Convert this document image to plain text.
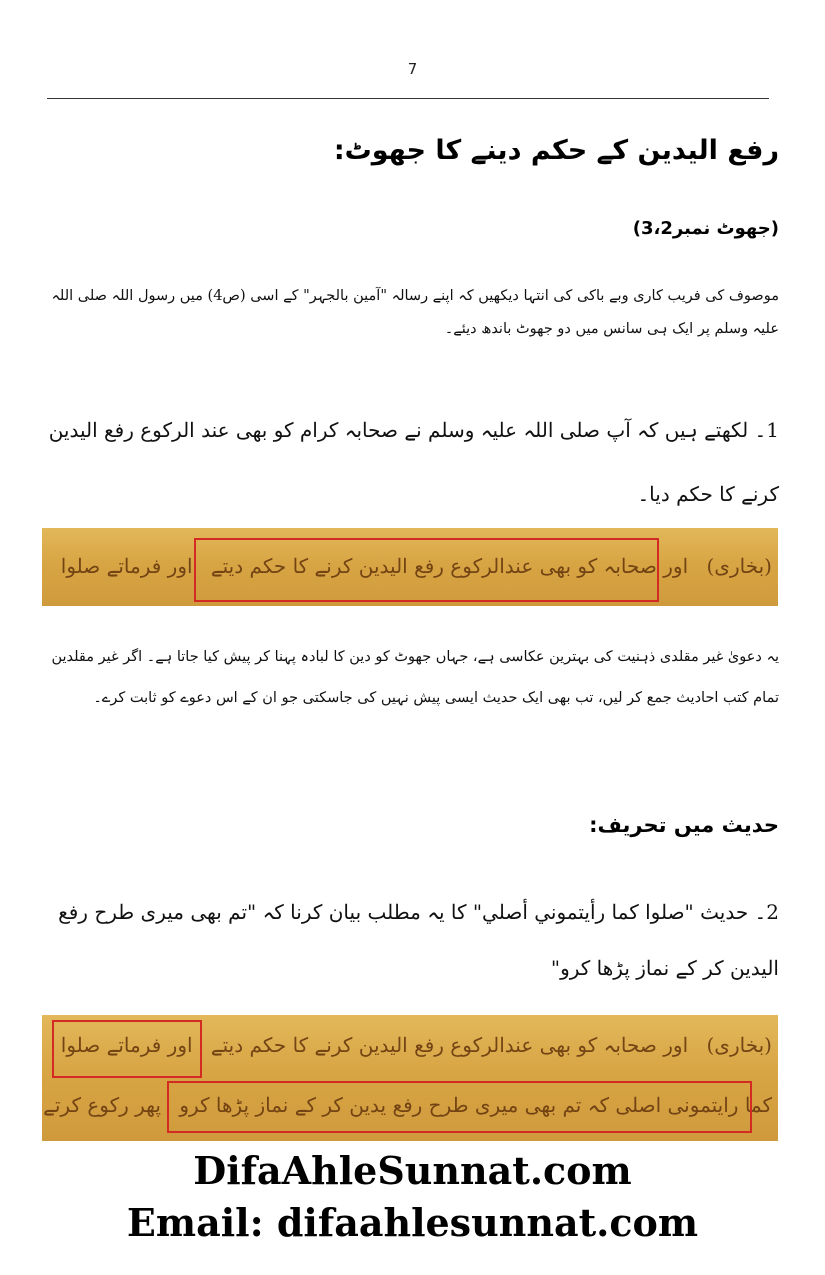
7
رفع الیدین کے حکم دینے کا جھوٹ:
(جھوٹ نمبر3،2)
موصوف کی فریب کاری وبے باکی کی انتہا دیکھیں کہ اپنے رسالہ "آمین بالجہر" کے اسی (ص4) میں رسول اللہ صلی اللہ علیہ وسلم پر ایک ہی سانس میں دو جھوٹ باندھ دیئے۔
1۔ لکھتے ہیں کہ آپ صلی اللہ علیہ وسلم نے صحابہ کرام کو بھی عند الرکوع رفع الیدین کرنے کا حکم دیا۔
(بخاری) اور صحابہ کو بھی عندالرکوع رفع الیدین کرنے کا حکم دیتے اور فرماتے صلوا
یہ دعویٰ غیر مقلدی ذہنیت کی بہترین عکاسی ہے، جہاں جھوٹ کو دین کا لبادہ پہنا کر پیش کیا جاتا ہے۔ اگر غیر مقلدین تمام کتب احادیث جمع کر لیں، تب بھی ایک حدیث ایسی پیش نہیں کی جاسکتی جو ان کے اس دعوے کو ثابت کرے۔
حدیث میں تحریف:
2۔ حدیث "صلوا كما رأيتموني أصلي" کا یہ مطلب بیان کرنا کہ "تم بھی میری طرح رفع الیدین کر کے نماز پڑھا کرو"
(بخاری) اور صحابہ کو بھی عندالرکوع رفع الیدین کرنے کا حکم دیتے اور فرماتے صلوا
کما رایتمونی اصلی کہ تم بھی میری طرح رفع یدین کر کے نماز پڑھا کرو پھر رکوع کرتے
DifaAhleSunnat.com
Email: difaahlesunnat.com
